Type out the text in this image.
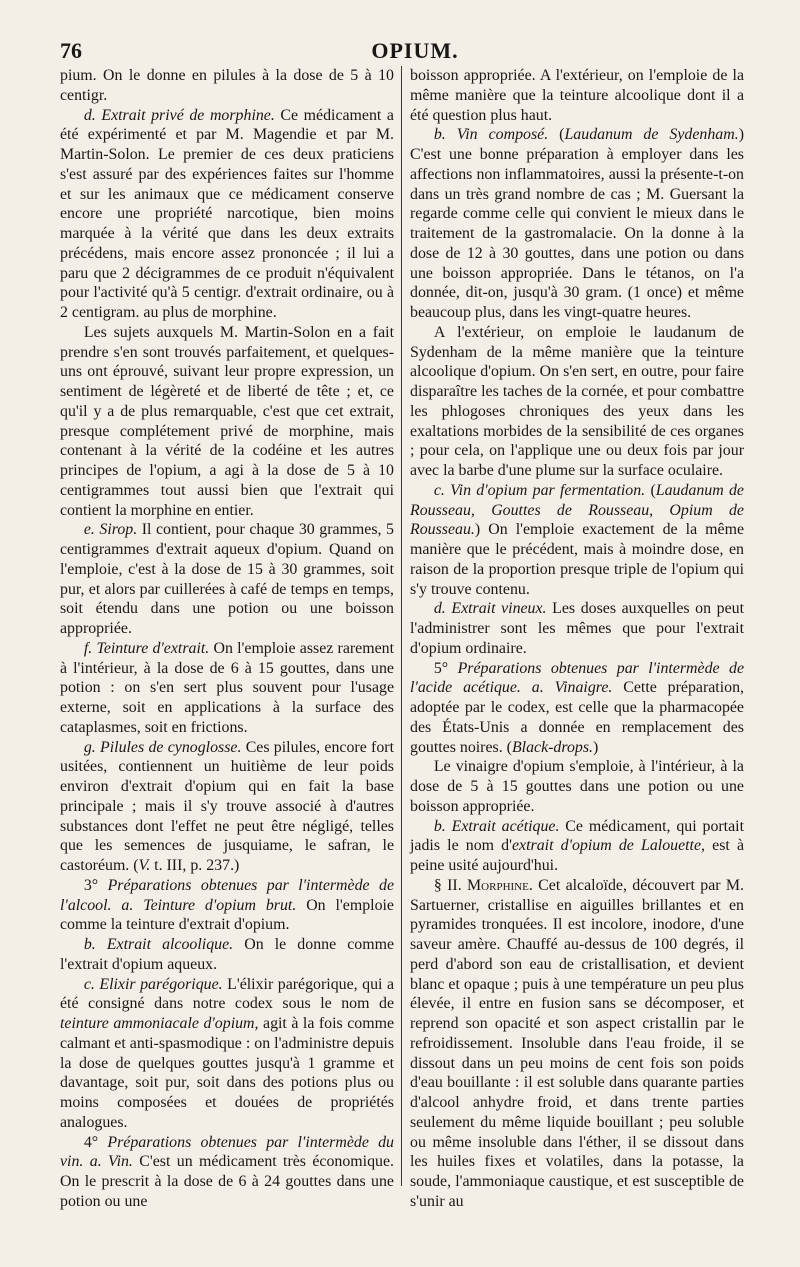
76	OPIUM.

pium. On le donne en pilules à la dose de 5 à 10 centigr.

d. Extrait privé de morphine. Ce médicament a été expérimenté et par M. Magendie et par M. Martin-Solon. Le premier de ces deux praticiens s'est assuré par des expériences faites sur l'homme et sur les animaux que ce médicament conserve encore une propriété narcotique, bien moins marquée à la vérité que dans les deux extraits précédens, mais encore assez prononcée ; il lui a paru que 2 décigrammes de ce produit n'équivalent pour l'activité qu'à 5 centigr. d'extrait ordinaire, ou à 2 centigram. au plus de morphine.

Les sujets auxquels M. Martin-Solon en a fait prendre s'en sont trouvés parfaitement, et quelques-uns ont éprouvé, suivant leur propre expression, un sentiment de légèreté et de liberté de tête ; et, ce qu'il y a de plus remarquable, c'est que cet extrait, presque complétement privé de morphine, mais contenant à la vérité de la codéine et les autres principes de l'opium, a agi à la dose de 5 à 10 centigrammes tout aussi bien que l'extrait qui contient la morphine en entier.

e. Sirop. Il contient, pour chaque 30 grammes, 5 centigrammes d'extrait aqueux d'opium. Quand on l'emploie, c'est à la dose de 15 à 30 grammes, soit pur, et alors par cuillerées à café de temps en temps, soit étendu dans une potion ou une boisson appropriée.

f. Teinture d'extrait. On l'emploie assez rarement à l'intérieur, à la dose de 6 à 15 gouttes, dans une potion : on s'en sert plus souvent pour l'usage externe, soit en applications à la surface des cataplasmes, soit en frictions.

g. Pilules de cynoglosse. Ces pilules, encore fort usitées, contiennent un huitième de leur poids environ d'extrait d'opium qui en fait la base principale ; mais il s'y trouve associé à d'autres substances dont l'effet ne peut être négligé, telles que les semences de jusquiame, le safran, le castoréum. (V. t. III, p. 237.)

3° Préparations obtenues par l'intermède de l'alcool. a. Teinture d'opium brut. On l'emploie comme la teinture d'extrait d'opium.

b. Extrait alcoolique. On le donne comme l'extrait d'opium aqueux.

c. Elixir parégorique. L'élixir parégorique, qui a été consigné dans notre codex sous le nom de teinture ammoniacale d'opium, agit à la fois comme calmant et anti-spasmodique : on l'administre depuis la dose de quelques gouttes jusqu'à 1 gramme et davantage, soit pur, soit dans des potions plus ou moins composées et douées de propriétés analogues.

4° Préparations obtenues par l'intermède du vin. a. Vin. C'est un médicament très économique. On le prescrit à la dose de 6 à 24 gouttes dans une potion ou une

boisson appropriée. A l'extérieur, on l'emploie de la même manière que la teinture alcoolique dont il a été question plus haut.

b. Vin composé. (Laudanum de Sydenham.) C'est une bonne préparation à employer dans les affections non inflammatoires, aussi la présente-t-on dans un très grand nombre de cas ; M. Guersant la regarde comme celle qui convient le mieux dans le traitement de la gastromalacie. On la donne à la dose de 12 à 30 gouttes, dans une potion ou dans une boisson appropriée. Dans le tétanos, on l'a donnée, dit-on, jusqu'à 30 gram. (1 once) et même beaucoup plus, dans les vingt-quatre heures.

A l'extérieur, on emploie le laudanum de Sydenham de la même manière que la teinture alcoolique d'opium. On s'en sert, en outre, pour faire disparaître les taches de la cornée, et pour combattre les phlogoses chroniques des yeux dans les exaltations morbides de la sensibilité de ces organes ; pour cela, on l'applique une ou deux fois par jour avec la barbe d'une plume sur la surface oculaire.

c. Vin d'opium par fermentation. (Laudanum de Rousseau, Gouttes de Rousseau, Opium de Rousseau.) On l'emploie exactement de la même manière que le précédent, mais à moindre dose, en raison de la proportion presque triple de l'opium qui s'y trouve contenu.

d. Extrait vineux. Les doses auxquelles on peut l'administrer sont les mêmes que pour l'extrait d'opium ordinaire.

5° Préparations obtenues par l'intermède de l'acide acétique. a. Vinaigre. Cette préparation, adoptée par le codex, est celle que la pharmacopée des États-Unis a donnée en remplacement des gouttes noires. (Black-drops.)

Le vinaigre d'opium s'emploie, à l'intérieur, à la dose de 5 à 15 gouttes dans une potion ou une boisson appropriée.

b. Extrait acétique. Ce médicament, qui portait jadis le nom d'extrait d'opium de Lalouette, est à peine usité aujourd'hui.

§ II. Morphine. Cet alcaloïde, découvert par M. Sartuerner, cristallise en aiguilles brillantes et en pyramides tronquées. Il est incolore, inodore, d'une saveur amère. Chauffé au-dessus de 100 degrés, il perd d'abord son eau de cristallisation, et devient blanc et opaque ; puis à une température un peu plus élevée, il entre en fusion sans se décomposer, et reprend son opacité et son aspect cristallin par le refroidissement. Insoluble dans l'eau froide, il se dissout dans un peu moins de cent fois son poids d'eau bouillante : il est soluble dans quarante parties d'alcool anhydre froid, et dans trente parties seulement du même liquide bouillant ; peu soluble ou même insoluble dans l'éther, il se dissout dans les huiles fixes et volatiles, dans la potasse, la soude, l'ammoniaque caustique, et est susceptible de s'unir au
